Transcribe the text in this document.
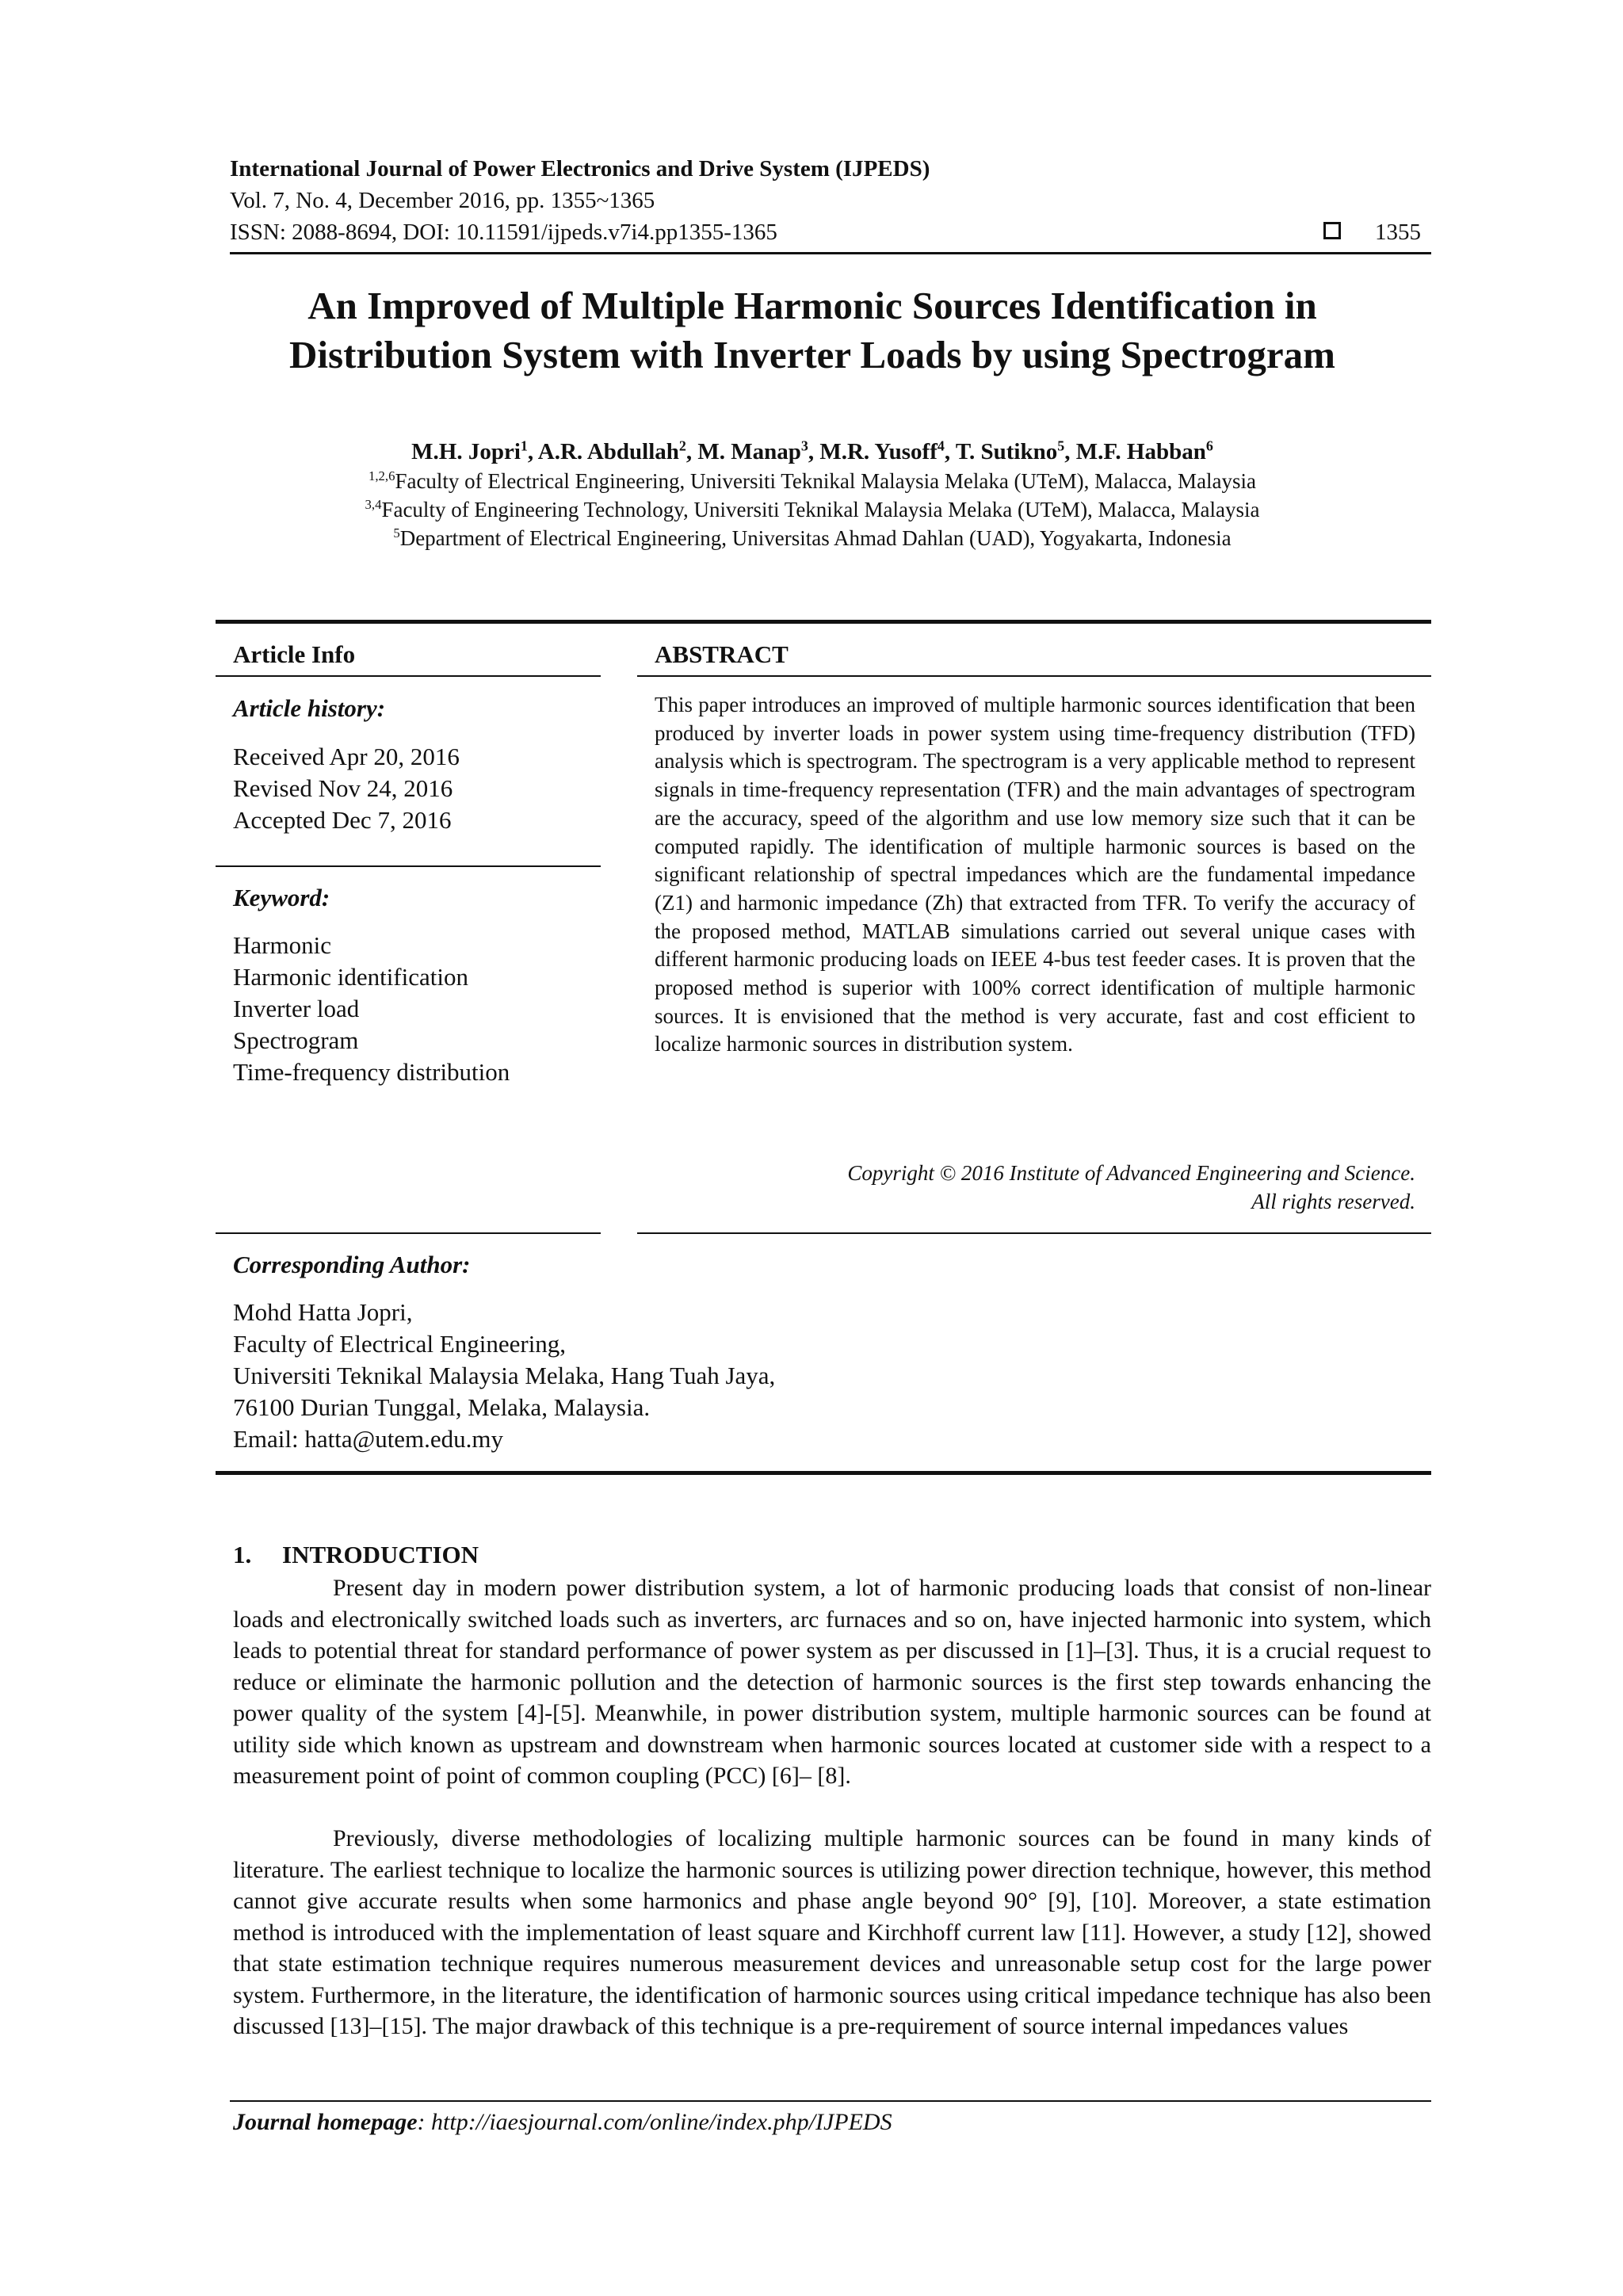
International Journal of Power Electronics and Drive System (IJPEDS)
Vol. 7, No. 4, December 2016, pp. 1355~1365
ISSN: 2088-8694, DOI: 10.11591/ijpeds.v7i4.pp1355-1365	1355
An Improved of Multiple Harmonic Sources Identification in
Distribution System with Inverter Loads by using Spectrogram
M.H. Jopri$^1$, A.R. Abdullah$^2$, M. Manap$^3$, M.R. Yusoff$^4$, T. Sutikno$^5$, M.F. Habban$^6$
$^{1,2,6}$Faculty of Electrical Engineering, Universiti Teknikal Malaysia Melaka (UTeM), Malacca, Malaysia
$^{3,4}$Faculty of Engineering Technology, Universiti Teknikal Malaysia Melaka (UTeM), Malacca, Malaysia
$^5$Department of Electrical Engineering, Universitas Ahmad Dahlan (UAD), Yogyakarta, Indonesia
Article Info
Article history:
Received Apr 20, 2016
Revised Nov 24, 2016
Accepted Dec 7, 2016
Keyword:
Harmonic
Harmonic identification
Inverter load
Spectrogram
Time-frequency distribution
ABSTRACT
This paper introduces an improved of multiple harmonic sources identification that been produced by inverter loads in power system using time-frequency distribution (TFD) analysis which is spectrogram. The spectrogram is a very applicable method to represent signals in time-frequency representation (TFR) and the main advantages of spectrogram are the accuracy, speed of the algorithm and use low memory size such that it can be computed rapidly. The identification of multiple harmonic sources is based on the significant relationship of spectral impedances which are the fundamental impedance (Z1) and harmonic impedance (Zh) that extracted from TFR. To verify the accuracy of the proposed method, MATLAB simulations carried out several unique cases with different harmonic producing loads on IEEE 4-bus test feeder cases. It is proven that the proposed method is superior with 100% correct identification of multiple harmonic sources. It is envisioned that the method is very accurate, fast and cost efficient to localize harmonic sources in distribution system.
Copyright © 2016 Institute of Advanced Engineering and Science.
All rights reserved.
Corresponding Author:
Mohd Hatta Jopri,
Faculty of Electrical Engineering,
Universiti Teknikal Malaysia Melaka, Hang Tuah Jaya,
76100 Durian Tunggal, Melaka, Malaysia.
Email: hatta@utem.edu.my
1. INTRODUCTION
Present day in modern power distribution system, a lot of harmonic producing loads that consist of non-linear loads and electronically switched loads such as inverters, arc furnaces and so on, have injected harmonic into system, which leads to potential threat for standard performance of power system as per discussed in [1]–[3]. Thus, it is a crucial request to reduce or eliminate the harmonic pollution and the detection of harmonic sources is the first step towards enhancing the power quality of the system [4]-[5]. Meanwhile, in power distribution system, multiple harmonic sources can be found at utility side which known as upstream and downstream when harmonic sources located at customer side with a respect to a measurement point of point of common coupling (PCC) [6]– [8].
Previously, diverse methodologies of localizing multiple harmonic sources can be found in many kinds of literature. The earliest technique to localize the harmonic sources is utilizing power direction technique, however, this method cannot give accurate results when some harmonics and phase angle beyond 90° [9], [10]. Moreover, a state estimation method is introduced with the implementation of least square and Kirchhoff current law [11]. However, a study [12], showed that state estimation technique requires numerous measurement devices and unreasonable setup cost for the large power system. Furthermore, in the literature, the identification of harmonic sources using critical impedance technique has also been discussed [13]–[15]. The major drawback of this technique is a pre-requirement of source internal impedances values
Journal homepage: http://iaesjournal.com/online/index.php/IJPEDS
